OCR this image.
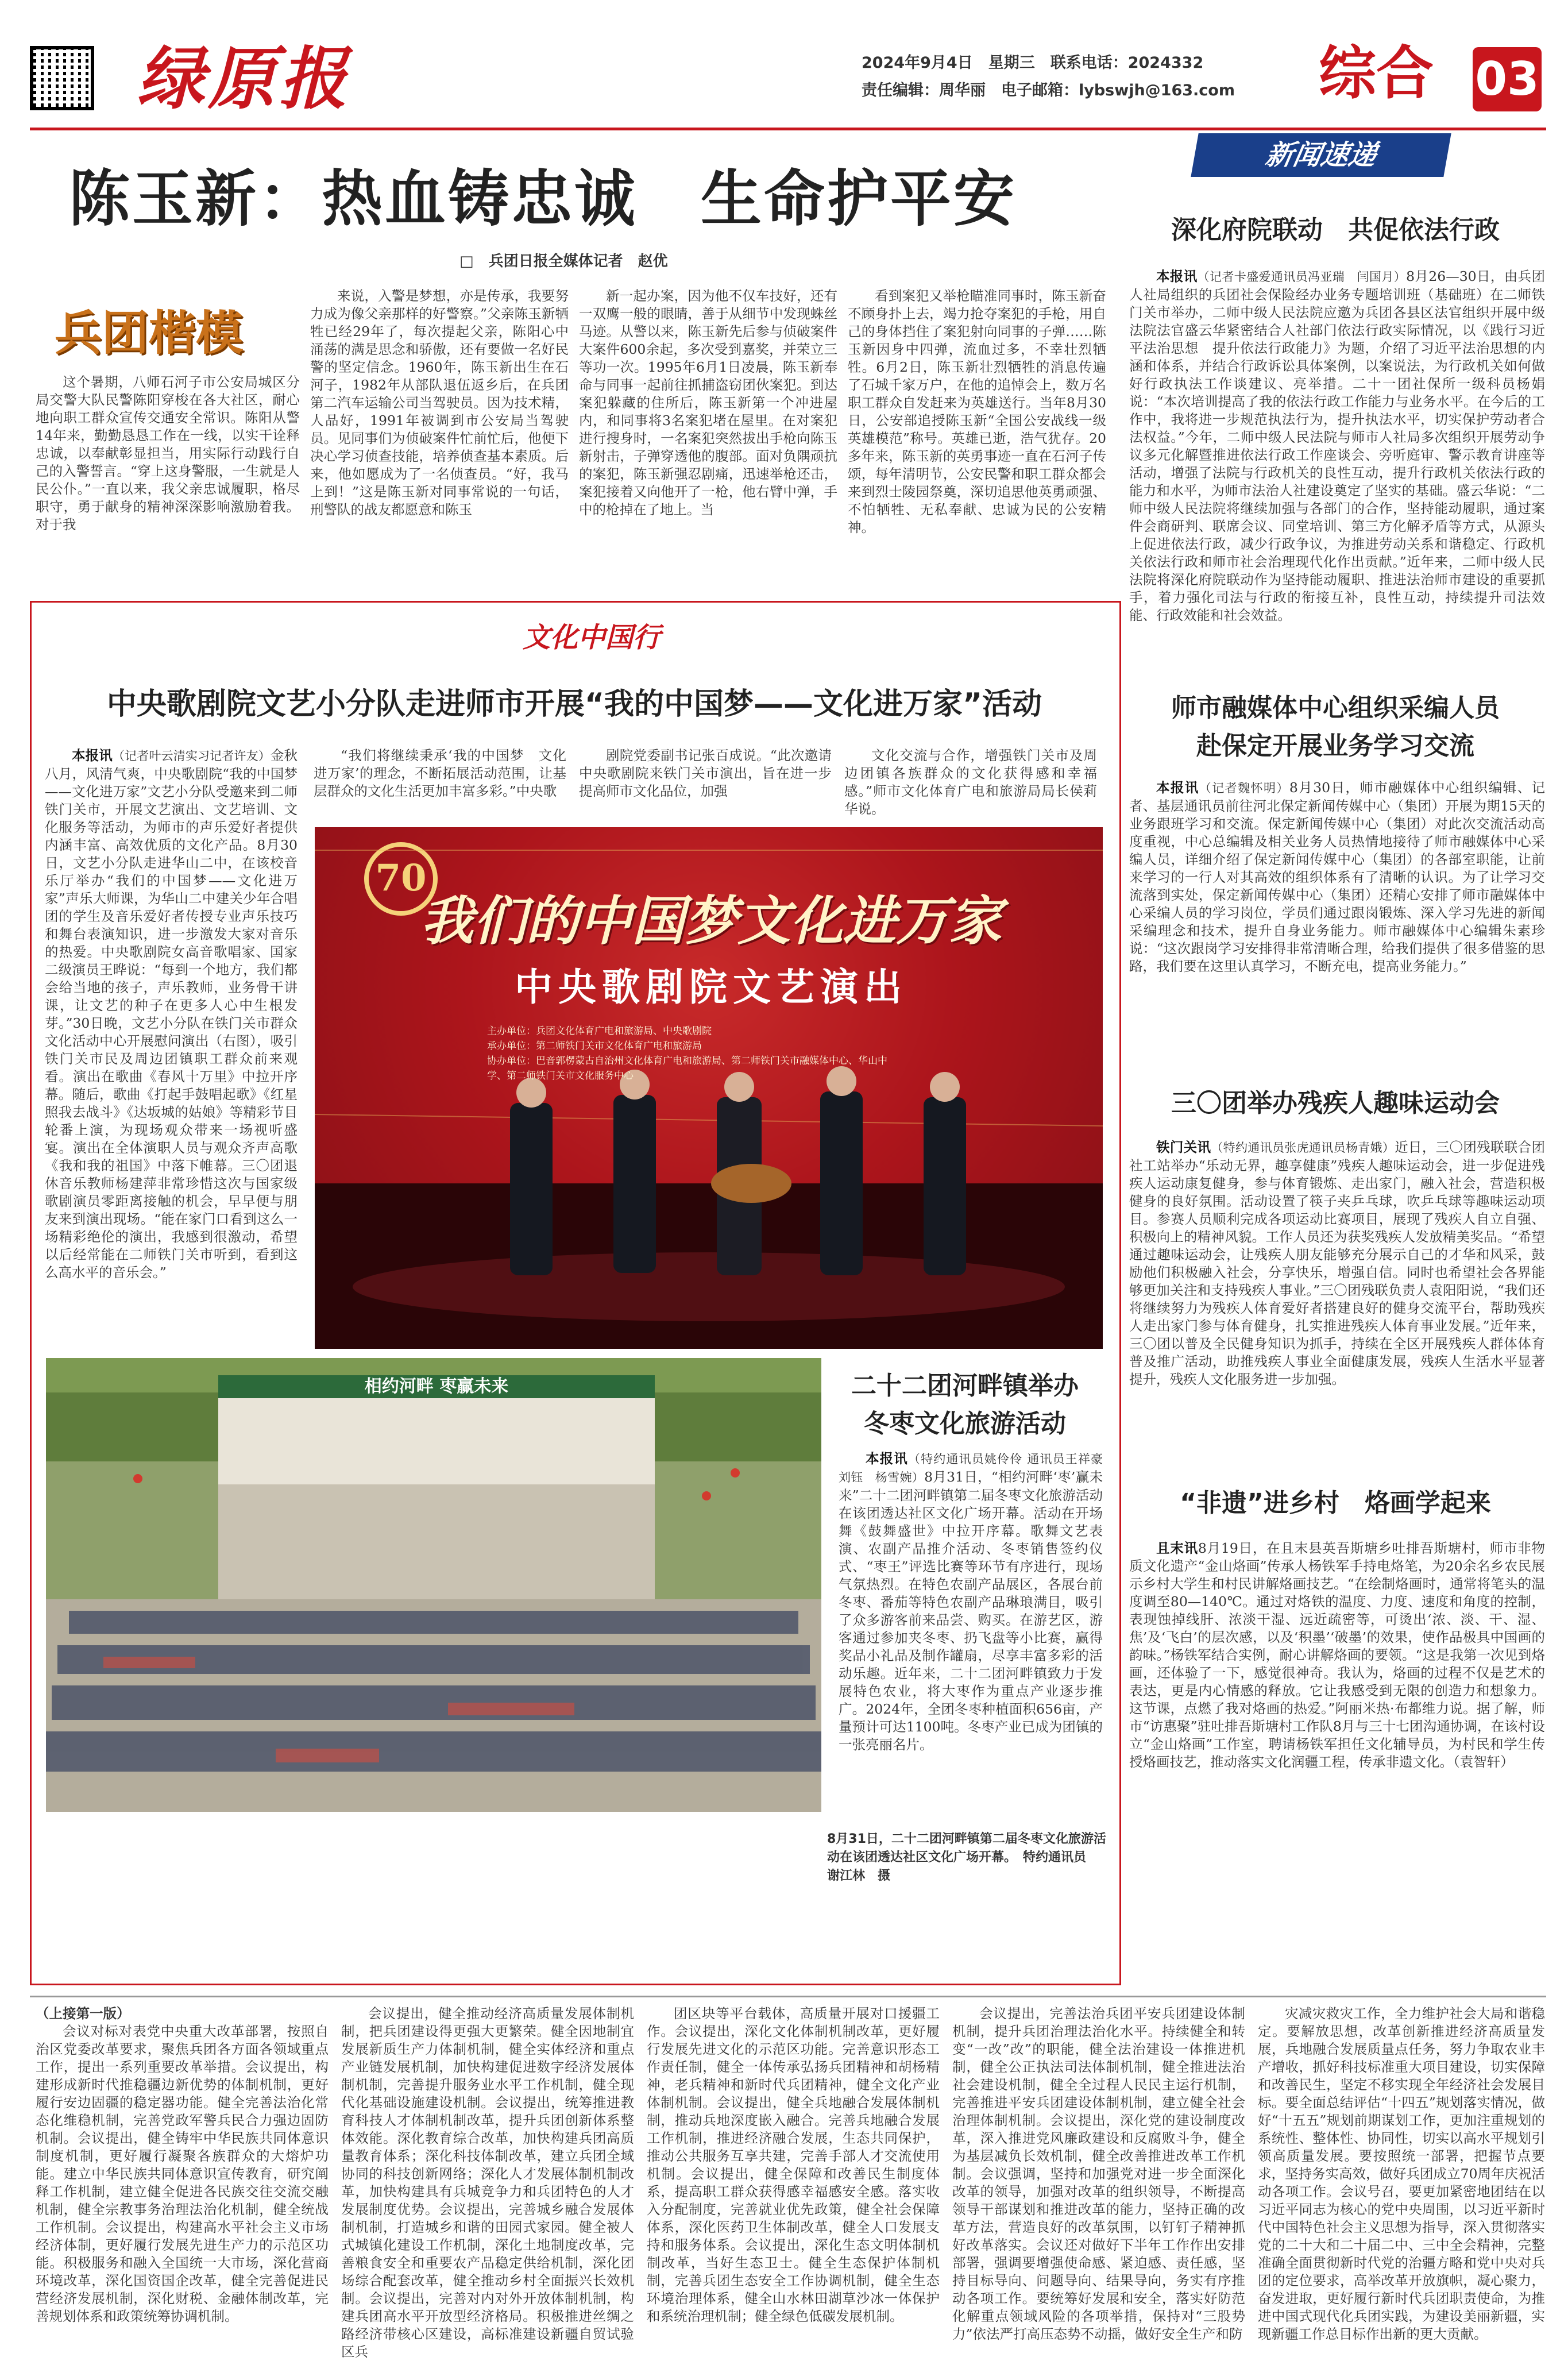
绿原报	2024年9月4日　 星期三　 联系电话：2024332
责任编辑：周华丽　 电子邮箱：lybswjh@163.com	综合 03
陈玉新：热血铸忠诚　生命护平安
□　兵团日报全媒体记者　赵优
兵团楷模

这个暑期，八师石河子市公安局城区分局交警大队民警陈阳穿梭在各大社区，耐心地向职工群众宣传交通安全常识。陈阳从警14年来，勤勤恳恳工作在一线，以实干诠释忠诚，以奉献彰显担当，用实际行动践行自己的入警誓言。“穿上这身警服，一生就是人民公仆。”一直以来，我父亲忠诚履职，格尽职守，勇于献身的精神深深影响激励着我。对于我

来说，入警是梦想，亦是传承，我要努力成为像父亲那样的好警察。”父亲陈玉新牺牲已经29年了，每次提起父亲，陈阳心中涌荡的满是思念和骄傲，还有要做一名好民警的坚定信念。1960年，陈玉新出生在石河子，1982年从部队退伍返乡后，在兵团第二汽车运输公司当驾驶员。因为技术精，人品好，1991年被调到市公安局当驾驶员。见同事们为侦破案件忙前忙后，他便下决心学习侦查技能，培养侦查基本素质。后来，他如愿成为了一名侦查员。“好，我马上到！”这是陈玉新对同事常说的一句话，刑警队的战友都愿意和陈玉

新一起办案，因为他不仅车技好，还有一双鹰一般的眼睛，善于从细节中发现蛛丝马迹。从警以来，陈玉新先后参与侦破案件大案件600余起，多次受到嘉奖，并荣立三等功一次。1995年6月1日凌晨，陈玉新奉命与同事一起前往抓捕盗窃团伙案犯。到达案犯躲藏的住所后，陈玉新第一个冲进屋内，和同事将3名案犯堵在屋里。在对案犯进行搜身时，一名案犯突然拔出手枪向陈玉新射击，子弹穿透他的腹部。面对负隅顽抗的案犯，陈玉新强忍剧痛，迅速举枪还击，案犯接着又向他开了一枪，他右臂中弹，手中的枪掉在了地上。当

看到案犯又举枪瞄准同事时，陈玉新奋不顾身扑上去，竭力抢夺案犯的手枪，用自己的身体挡住了案犯射向同事的子弹……陈玉新因身中四弹，流血过多，不幸壮烈牺牲。6月2日，陈玉新壮烈牺牲的消息传遍了石城千家万户，在他的追悼会上，数万名职工群众自发赶来为英雄送行。当年8月30日，公安部追授陈玉新“全国公安战线一级英雄模范”称号。英雄已逝，浩气犹存。20多年来，陈玉新的英勇事迹一直在石河子传颂，每年清明节，公安民警和职工群众都会来到烈士陵园祭奠，深切追思他英勇顽强、不怕牺牲、无私奉献、忠诚为民的公安精神。

文化中国行
中央歌剧院文艺小分队走进师市开展“我的中国梦——文化进万家”活动

本报讯（记者叶云清实习记者许友）金秋八月，风清气爽，中央歌剧院“我的中国梦——文化进万家”文艺小分队受邀来到二师铁门关市，开展文艺演出、文艺培训、文化服务等活动，为师市的声乐爱好者提供内涵丰富、高效优质的文化产品。8月30日，文艺小分队走进华山二中，在该校音乐厅举办“我们的中国梦——文化进万家”声乐大师课，为华山二中建关少年合唱团的学生及音乐爱好者传授专业声乐技巧和舞台表演知识，进一步激发大家对音乐的热爱。中央歌剧院女高音歌唱家、国家二级演员王晔说：“每到一个地方，我们都会给当地的孩子，声乐教师，业务骨干讲课，让文艺的种子在更多人心中生根发芽。”30日晚，文艺小分队在铁门关市群众文化活动中心开展慰问演出（右图），吸引铁门关市民及周边团镇职工群众前来观看。演出在歌曲《春风十万里》中拉开序幕。随后，歌曲《打起手鼓唱起歌》《红星照我去战斗》《达坂城的姑娘》等精彩节目轮番上演，为现场观众带来一场视听盛宴。演出在全体演职人员与观众齐声高歌《我和我的祖国》中落下帷幕。三〇团退休音乐教师杨建萍非常珍惜这次与国家级歌剧演员零距离接触的机会，早早便与朋友来到演出现场。“能在家门口看到这么一场精彩绝伦的演出，我感到很激动，希望以后经常能在二师铁门关市听到，看到这么高水平的音乐会。”

“我们将继续秉承‘我的中国梦　文化进万家’的理念，不断拓展活动范围，让基层群众的文化生活更加丰富多彩。”中央歌

剧院党委副书记张百成说。“此次邀请中央歌剧院来铁门关市演出，旨在进一步提高师市文化品位，加强

文化交流与合作，增强铁门关市及周边团镇各族群众的文化获得感和幸福感。”师市文化体育广电和旅游局局长侯莉华说。

70
我们的中国梦文化进万家
中央歌剧院文艺演出
主办单位：兵团文化体育广电和旅游局、中央歌剧院
承办单位：第二师铁门关市文化体育广电和旅游局
协办单位：巴音郭楞蒙古自治州文化体育广电和旅游局、第二师铁门关市融媒体中心、华山中学、第二师铁门关市文化服务中心
相约河畔 枣赢未来	二十二团河畔镇举办
冬枣文化旅游活动

本报讯（特约通讯员姚伶伶 通讯员王祥豪　刘钰　杨雪婉）8月31日，“相约河畔‘枣’赢未来”二十二团河畔镇第二届冬枣文化旅游活动在该团透达社区文化广场开幕。活动在开场舞《鼓舞盛世》中拉开序幕。歌舞文艺表演、农副产品推介活动、冬枣销售签约仪式、“枣王”评选比赛等环节有序进行，现场气氛热烈。在特色农副产品展区，各展台前冬枣、番茄等特色农副产品琳琅满目，吸引了众多游客前来品尝、购买。在游艺区，游客通过参加夹冬枣、扔飞盘等小比赛，赢得奖品小礼品及制作罐扇，尽享丰富多彩的活动乐趣。近年来，二十二团河畔镇致力于发展特色农业，将大枣作为重点产业逐步推广。2024年，全团冬枣种植面积656亩，产量预计可达1100吨。冬枣产业已成为团镇的一张亮丽名片。

8月31日，二十二团河畔镇第二届冬枣文化旅游活动在该团透达社区文化广场开幕。　特约通讯员　谢江林　摄
新闻速递
深化府院联动　共促依法行政

本报讯（记者卡盛爱通讯员冯亚瑞　闫国月）8月26—30日，由兵团人社局组织的兵团社会保险经办业务专题培训班（基础班）在二师铁门关市举办，二师中级人民法院应邀为兵团各县区法官组织开展中级法院法官盛云华紧密结合人社部门依法行政实际情况，以《践行习近平法治思想　提升依法行政能力》为题，介绍了习近平法治思想的内涵和体系，并结合行政诉讼具体案例，以案说法，为行政机关如何做好行政执法工作谈建议、亮举措。二十一团社保所一级科员杨娟说：“本次培训提高了我的依法行政工作能力与业务水平。在今后的工作中，我将进一步规范执法行为，提升执法水平，切实保护劳动者合法权益。”今年，二师中级人民法院与师市人社局多次组织开展劳动争议多元化解暨推进依法行政工作座谈会、旁听庭审、警示教育讲座等活动，增强了法院与行政机关的良性互动，提升行政机关依法行政的能力和水平，为师市法治人社建设奠定了坚实的基础。盛云华说：“二师中级人民法院将继续加强与各部门的合作，坚持能动履职，通过案件会商研判、联席会议、同堂培训、第三方化解矛盾等方式，从源头上促进依法行政，减少行政争议，为推进劳动关系和谐稳定、行政机关依法行政和师市社会治理现代化作出贡献。”近年来，二师中级人民法院将深化府院联动作为坚持能动履职、推进法治师市建设的重要抓手，着力强化司法与行政的衔接互补，良性互动，持续提升司法效能、行政效能和社会效益。

师市融媒体中心组织采编人员
赴保定开展业务学习交流

本报讯（记者魏怀明）8月30日，师市融媒体中心组织编辑、记者、基层通讯员前往河北保定新闻传媒中心（集团）开展为期15天的业务跟班学习和交流。保定新闻传媒中心（集团）对此次交流活动高度重视，中心总编辑及相关业务人员热情地接待了师市融媒体中心采编人员，详细介绍了保定新闻传媒中心（集团）的各部室职能，让前来学习的一行人对其高效的组织体系有了清晰的认识。为了让学习交流落到实处，保定新闻传媒中心（集团）还精心安排了师市融媒体中心采编人员的学习岗位，学员们通过跟岗锻炼、深入学习先进的新闻采编理念和技术，提升自身业务能力。师市融媒体中心编辑朱素珍说：“这次跟岗学习安排得非常清晰合理，给我们提供了很多借鉴的思路，我们要在这里认真学习，不断充电，提高业务能力。”

三〇团举办残疾人趣味运动会

铁门关讯（特约通讯员张虎通讯员杨青娥）近日，三〇团残联联合团社工站举办“乐动无界，趣享健康”残疾人趣味运动会，进一步促进残疾人运动康复健身，参与体育锻炼、走出家门，融入社会，营造积极健身的良好氛围。活动设置了筷子夹乒乓球，吹乒乓球等趣味运动项目。参赛人员顺利完成各项运动比赛项目，展现了残疾人自立自强、积极向上的精神风貌。工作人员还为获奖残疾人发放精美奖品。“希望通过趣味运动会，让残疾人朋友能够充分展示自己的才华和风采，鼓励他们积极融入社会，分享快乐，增强自信。同时也希望社会各界能够更加关注和支持残疾人事业。”三〇团残联负责人袁阳阳说，“我们还将继续努力为残疾人体育爱好者搭建良好的健身交流平台，帮助残疾人走出家门参与体育健身，扎实推进残疾人体育事业发展。”近年来，三〇团以普及全民健身知识为抓手，持续在全区开展残疾人群体体育普及推广活动，助推残疾人事业全面健康发展，残疾人生活水平显著提升，残疾人文化服务进一步加强。

“非遗”进乡村　烙画学起来

且末讯8月19日，在且末县英吾斯塘乡吐排吾斯塘村，师市非物质文化遗产“金山烙画”传承人杨铁军手持电烙笔，为20余名乡农民展示乡村大学生和村民讲解烙画技艺。“在绘制烙画时，通常将笔头的温度调至80—140℃。通过对烙铁的温度、力度、速度和角度的控制，表现蚀掉线肝、浓淡干湿、远近疏密等，可烫出‘浓、淡、干、湿、焦’及‘飞白’的层次感，以及‘积墨’‘破墨’的效果，使作品极具中国画的韵味。”杨铁军结合实例，耐心讲解烙画的要领。“这是我第一次见到烙画，还体验了一下，感觉很神奇。我认为，烙画的过程不仅是艺术的表达，更是内心情感的释放。它让我感受到无限的创造力和想象力。这节课，点燃了我对烙画的热爱。”阿丽米热·布都维力说。据了解，师市“访惠聚”驻吐排吾斯塘村工作队8月与三十七团沟通协调，在该村设立“金山烙画”工作室，聘请杨铁军担任文化辅导员，为村民和学生传授烙画技艺，推动落实文化润疆工程，传承非遗文化。（袁智轩）

（上接第一版）

会议对标对表党中央重大改革部署，按照自治区党委改革要求，聚焦兵团各方面各领域重点工作，提出一系列重要改革举措。会议提出，构建形成新时代推稳疆边新优势的体制机制，更好履行安边固疆的稳定器功能。健全完善法治化常态化维稳机制，完善党政军警兵民合力强边固防机制。会议提出，健全铸牢中华民族共同体意识制度机制，更好履行凝聚各族群众的大熔炉功能。建立中华民族共同体意识宣传教育，研究阐释工作机制，建立健全促进各民族交往交流交融机制，健全宗教事务治理法治化机制，健全统战工作机制。会议提出，构建高水平社会主义市场经济体制，更好履行发展先进生产力的示范区功能。积极服务和融入全国统一大市场，深化营商环境改革，深化国资国企改革，健全完善促进民营经济发展机制，深化财税、金融体制改革，完善规划体系和政策统筹协调机制。

会议提出，健全推动经济高质量发展体制机制，把兵团建设得更强大更繁荣。健全因地制宜发展新质生产力体制机制，健全实体经济和重点产业链发展机制，加快构建促进数字经济发展体制机制，完善提升服务业水平工作机制，健全现代化基础设施建设机制。会议提出，统筹推进教育科技人才体制机制改革，提升兵团创新体系整体效能。深化教育综合改革，加快构建兵团高质量教育体系；深化科技体制改革，建立兵团全域协同的科技创新网络；深化人才发展体制机制改革，加快构建具有兵城竞争力和兵团特色的人才发展制度优势。会议提出，完善城乡融合发展体制机制，打造城乡和谐的田园式家园。健全被人式城镇化建设工作机制，深化土地制度改革，完善粮食安全和重要农产品稳定供给机制，深化团场综合配套改革，健全推动乡村全面振兴长效机制。会议提出，完善对内对外开放体制机制，构建兵团高水平开放型经济格局。积极推进丝绸之路经济带核心区建设，高标准建设新疆自贸试验区兵

团区块等平台载体，高质量开展对口援疆工作。会议提出，深化文化体制机制改革，更好履行发展先进文化的示范区功能。完善意识形态工作责任制，健全一体传承弘扬兵团精神和胡杨精神，老兵精神和新时代兵团精神，健全文化产业体制机制。会议提出，健全兵地融合发展体制机制，推动兵地深度嵌入融合。完善兵地融合发展工作机制，推进经济融合发展，生态共同保护，推动公共服务互享共建，完善手部人才交流使用机制。会议提出，健全保障和改善民生制度体系，提高职工群众获得感幸福感安全感。落实收入分配制度，完善就业优先政策，健全社会保障体系，深化医药卫生体制改革，健全人口发展支持和服务体系。会议提出，深化生态文明体制机制改革，当好生态卫士。健全生态保护体制机制，完善兵团生态安全工作协调机制，健全生态环境治理体系，健全山水林田湖草沙冰一体保护和系统治理机制；健全绿色低碳发展机制。

会议提出，完善法治兵团平安兵团建设体制机制，提升兵团治理法治化水平。持续健全和转变“一改”改”的职能，健全法治建设一体推进机制，健全公正执法司法体制机制，健全推进法治社会建设机制，健全全过程人民民主运行机制，完善推进平安兵团建设体制机制，建立健全社会治理体制机制。会议提出，深化党的建设制度改革，深入推进党风廉政建设和反腐败斗争，健全为基层减负长效机制，健全改善推进改革工作机制。会议强调，坚持和加强党对进一步全面深化改革的领导，加强对改革的组织领导，不断提高领导干部谋划和推进改革的能力，坚持正确的改革方法，营造良好的改革氛围，以钉钉子精神抓好改革落实。会议还对做好下半年工作作出安排部署，强调要增强使命感、紧迫感、责任感，坚持目标导向、问题导向、结果导向，务实有序推动各项工作。要统筹好发展和安全，落实好防范化解重点领域风险的各项举措，保持对“三股势力”依法严打高压态势不动摇，做好安全生产和防

灾减灾救灾工作，全力维护社会大局和谐稳定。要解放思想，改革创新推进经济高质量发展，兵地融合发展质量点任务，努力争取农业丰产增收，抓好科技标准重大项目建设，切实保障和改善民生，坚定不移实现全年经济社会发展目标。要全面总结评估“十四五”规划落实情况，做好“十五五”规划前期谋划工作，更加注重规划的系统性、整体性、协同性，切实以高水平规划引领高质量发展。要按照统一部署，把握节点要求，坚持务实高效，做好兵团成立70周年庆祝活动各项工作。会议号召，要更加紧密地团结在以习近平同志为核心的党中央周围，以习近平新时代中国特色社会主义思想为指导，深入贯彻落实党的二十大和二十届二中、三中全会精神，完整准确全面贯彻新时代党的治疆方略和党中央对兵团的定位要求，高举改革开放旗帜，凝心聚力，奋发进取，更好履行新时代兵团职责使命，为推进中国式现代化兵团实践，为建设美丽新疆，实现新疆工作总目标作出新的更大贡献。
